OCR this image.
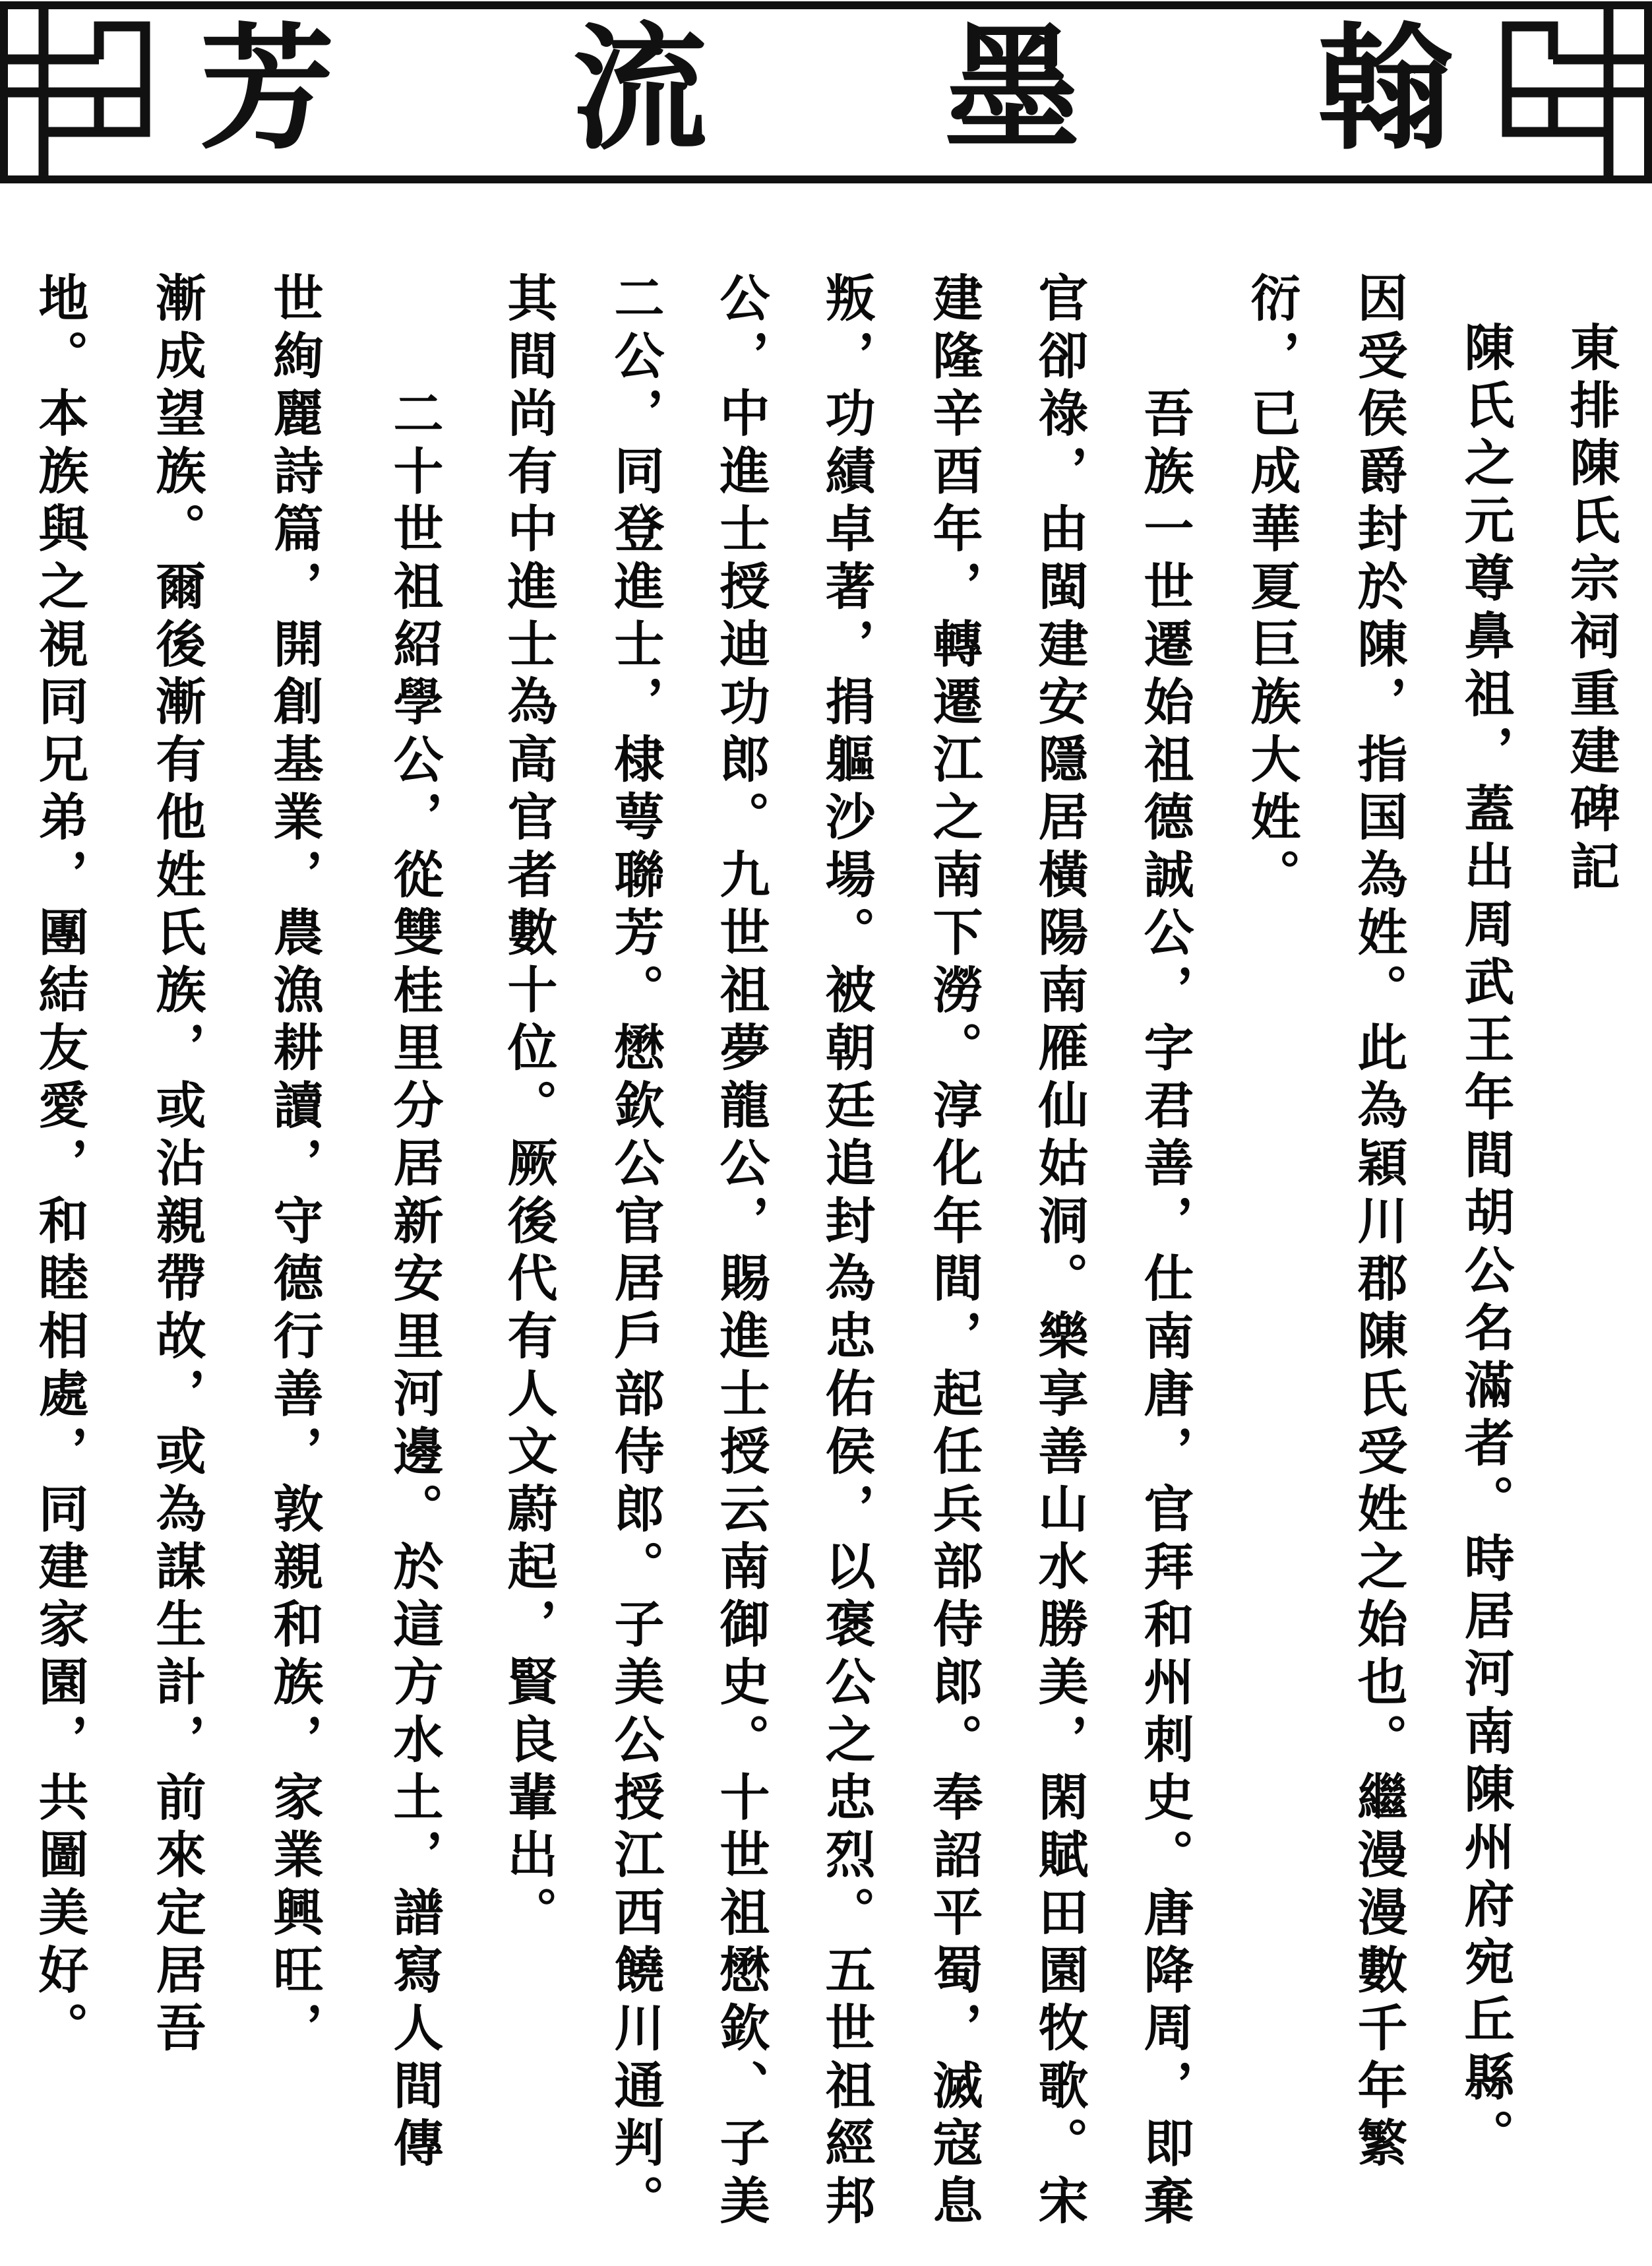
芳 流 墨 翰
東排陳氏宗祠重建碑記
陳氏之元尊鼻祖，蓋出周武王年間胡公名滿者。時居河南陳州府宛丘縣。
因受侯爵封於陳，指国為姓。此為穎川郡陳氏受姓之始也。繼漫漫數千年繁
衍，已成華夏巨族大姓。
吾族一世遷始祖德誠公，字君善，仕南唐，官拜和州刺史。唐降周，即棄
官卻祿，由閩建安隱居橫陽南雁仙姑洞。樂享善山水勝美，閑賦田園牧歌。宋
建隆辛酉年，轉遷江之南下澇。淳化年間，起任兵部侍郎。奉詔平蜀，滅寇息
叛，功績卓著，捐軀沙場。被朝廷追封為忠佑侯，以褒公之忠烈。五世祖經邦
公，中進士授迪功郎。九世祖夢龍公，賜進士授云南御史。十世祖懋欽、子美
二公，同登進士，棣萼聯芳。懋欽公官居戶部侍郎。子美公授江西饒川通判。
其間尚有中進士為高官者數十位。厥後代有人文蔚起，賢良輩出。
二十世祖紹學公，從雙桂里分居新安里河邊。於這方水土，譜寫人間傳
世絢麗詩篇，開創基業，農漁耕讀，守德行善，敦親和族，家業興旺，
漸成望族。爾後漸有他姓氏族，或沾親帶故，或為謀生計，前來定居吾
地。本族與之視同兄弟，團結友愛，和睦相處，同建家園，共圖美好。
